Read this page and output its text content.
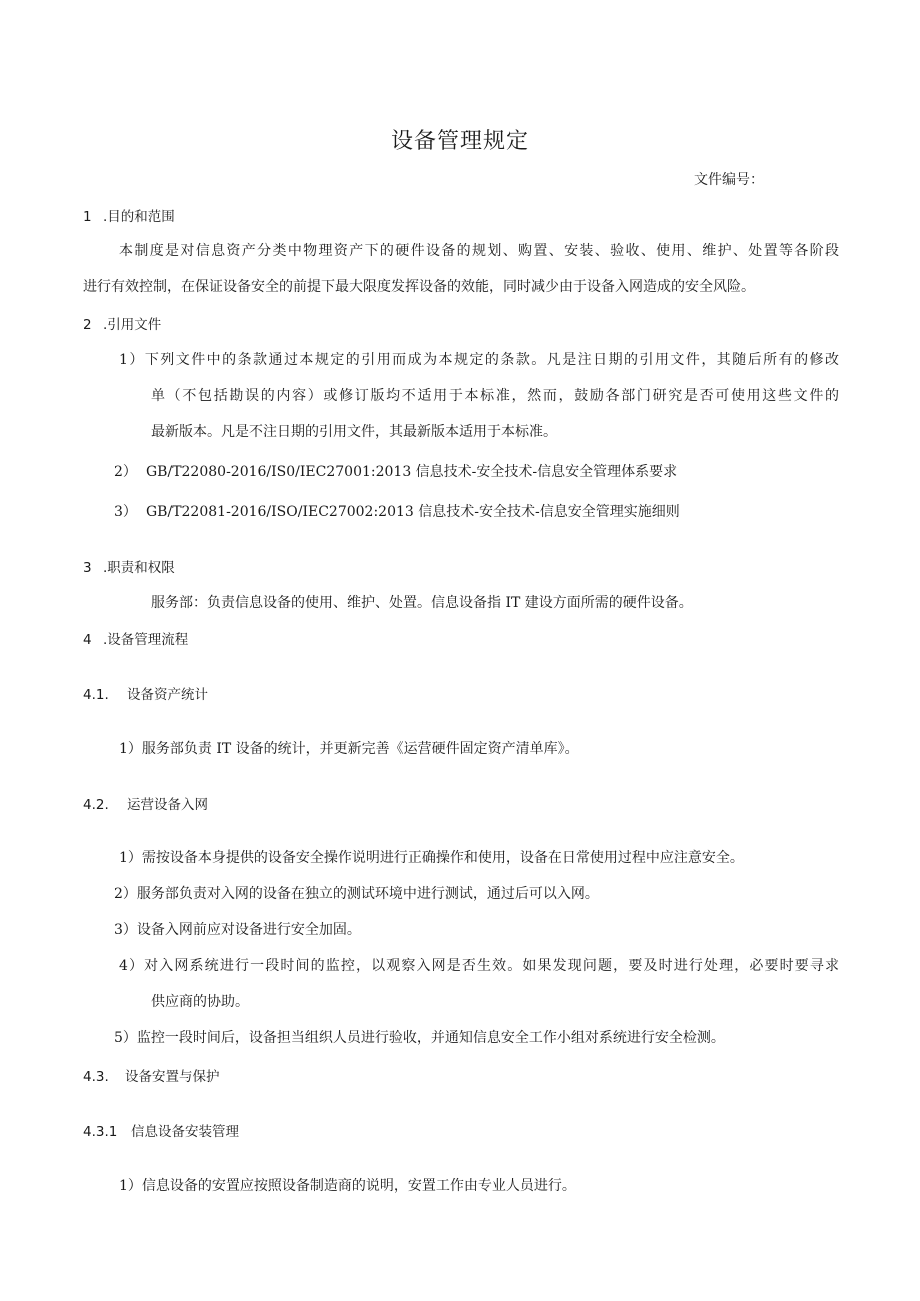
设备管理规定
文件编号：
1 .目的和范围
本制度是对信息资产分类中物理资产下的硬件设备的规划、购置、安装、验收、使用、维护、处置等各阶段
进行有效控制，在保证设备安全的前提下最大限度发挥设备的效能，同时减少由于设备入网造成的安全风险。
2 .引用文件
1）下列文件中的条款通过本规定的引用而成为本规定的条款。凡是注日期的引用文件，其随后所有的修改
单（不包括勘误的内容）或修订版均不适用于本标准，然而，鼓励各部门研究是否可使用这些文件的
最新版本。凡是不注日期的引用文件，其最新版本适用于本标准。
2） GB/T22080-2016/IS0/IEC27001:2013 信息技术-安全技术-信息安全管理体系要求
3） GB/T22081-2016/ISO/IEC27002:2013 信息技术-安全技术-信息安全管理实施细则
3 .职责和权限
服务部：负责信息设备的使用、维护、处置。信息设备指 IT 建设方面所需的硬件设备。
4 .设备管理流程
4.1. 设备资产统计
1）服务部负责 IT 设备的统计，并更新完善《运营硬件固定资产清单库》。
4.2. 运营设备入网
1）需按设备本身提供的设备安全操作说明进行正确操作和使用，设备在日常使用过程中应注意安全。
2）服务部负责对入网的设备在独立的测试环境中进行测试，通过后可以入网。
3）设备入网前应对设备进行安全加固。
4）对入网系统进行一段时间的监控，以观察入网是否生效。如果发现问题，要及时进行处理，必要时要寻求
供应商的协助。
5）监控一段时间后，设备担当组织人员进行验收，并通知信息安全工作小组对系统进行安全检测。
4.3. 设备安置与保护
4.3.1 信息设备安装管理
1）信息设备的安置应按照设备制造商的说明，安置工作由专业人员进行。
